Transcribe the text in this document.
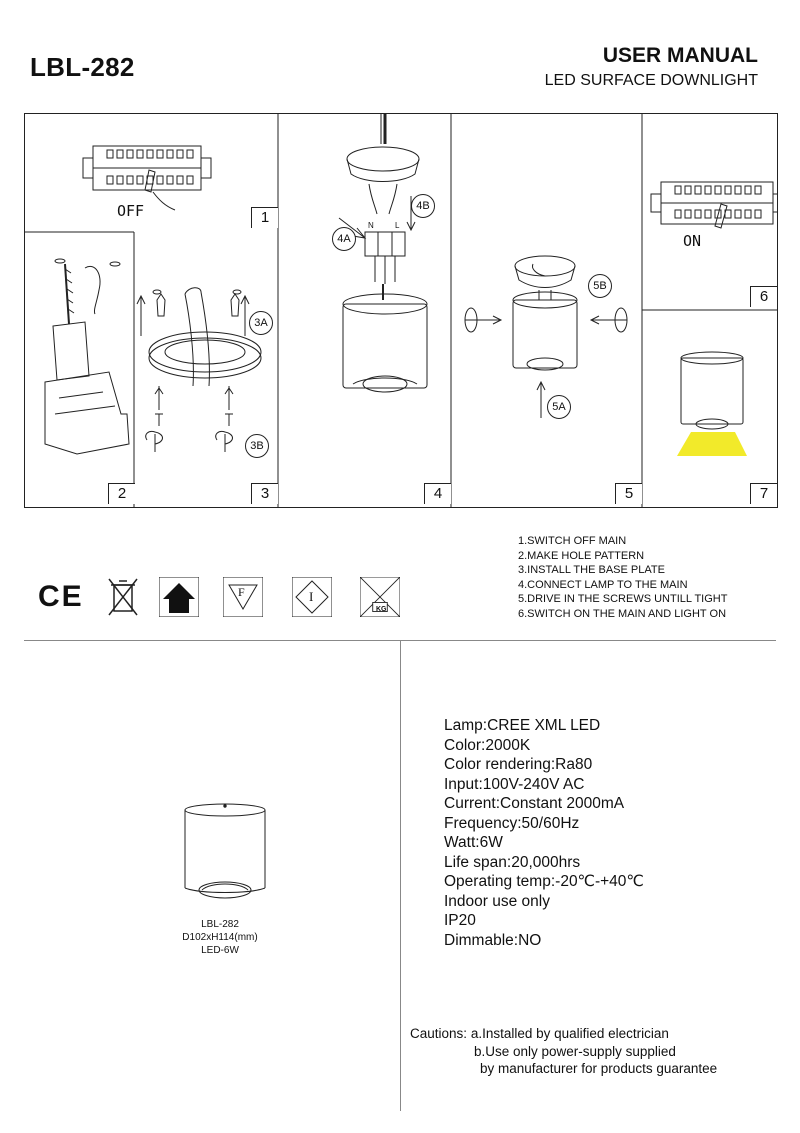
LBL-282	USER MANUAL
LED SURFACE DOWNLIGHT
1
2	3	4	5
6
7
OFF
ON
N	L
3A
3B
4A
4B
5A
5B
1.SWITCH OFF MAIN
2.MAKE HOLE PATTERN
3.INSTALL THE BASE PLATE
4.CONNECT LAMP TO THE MAIN
5.DRIVE IN THE SCREWS UNTILL TIGHT
6.SWITCH ON THE MAIN AND LIGHT ON
CE	F	I
KG
LBL-282
D102xH114(mm)
LED-6W
Lamp:CREE XML LED
Color:2000K
Color rendering:Ra80
Input:100V-240V AC
Current:Constant 2000mA
Frequency:50/60Hz
Watt:6W
Life span:20,000hrs
Operating temp:-20℃-+40℃
Indoor use only
IP20
Dimmable:NO
Cautions: a.Installed by qualified electrician
b.Use only power-supply supplied
by manufacturer for products guarantee
